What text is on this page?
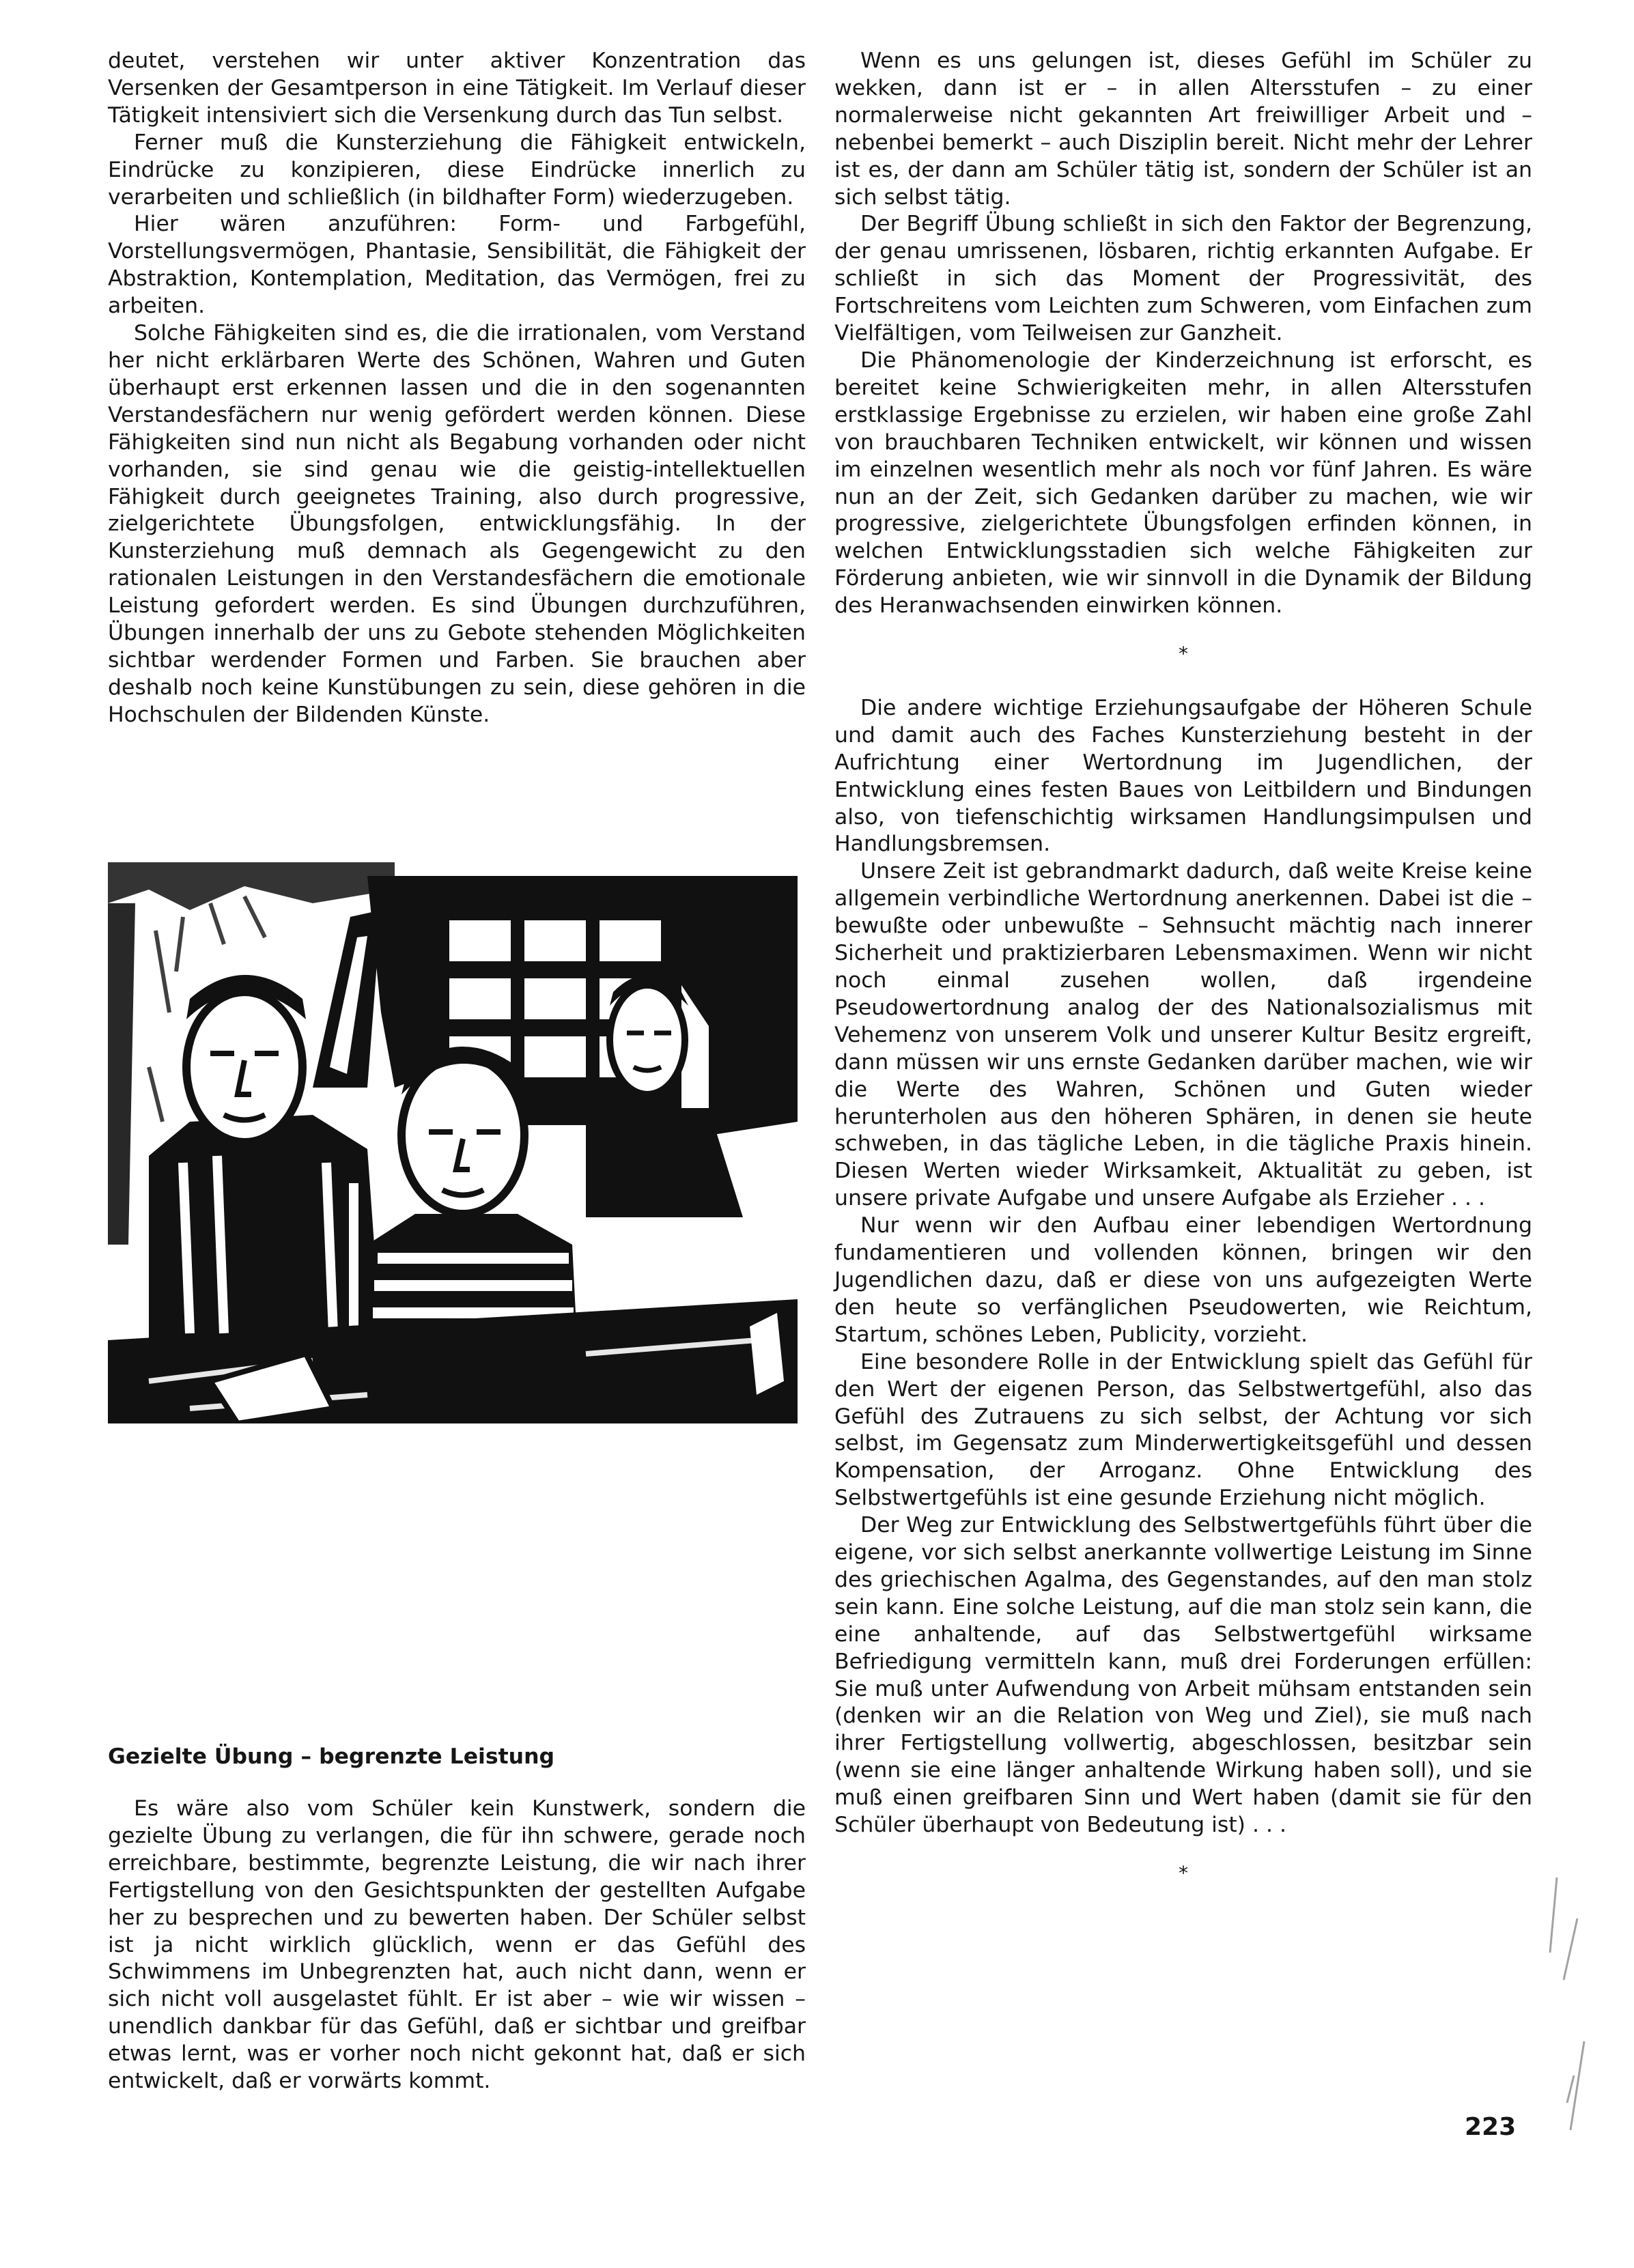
deutet, verstehen wir unter aktiver Konzentration das Versenken der Gesamtperson in eine Tätigkeit. Im Verlauf dieser Tätigkeit intensiviert sich die Versenkung durch das Tun selbst.

Ferner muß die Kunsterziehung die Fähigkeit entwickeln, Eindrücke zu konzipieren, diese Eindrücke innerlich zu verarbeiten und schließlich (in bildhafter Form) wiederzugeben.

Hier wären anzuführen: Form- und Farbgefühl, Vorstellungsvermögen, Phantasie, Sensibilität, die Fähigkeit der Abstraktion, Kontemplation, Meditation, das Vermögen, frei zu arbeiten.

Solche Fähigkeiten sind es, die die irrationalen, vom Verstand her nicht erklärbaren Werte des Schönen, Wahren und Guten überhaupt erst erkennen lassen und die in den sogenannten Verstandesfächern nur wenig gefördert werden können. Diese Fähigkeiten sind nun nicht als Begabung vorhanden oder nicht vorhanden, sie sind genau wie die geistig-intellektuellen Fähigkeit durch geeignetes Training, also durch progressive, zielgerichtete Übungsfolgen, entwicklungsfähig. In der Kunsterziehung muß demnach als Gegengewicht zu den rationalen Leistungen in den Verstandesfächern die emotionale Leistung gefordert werden. Es sind Übungen durchzuführen, Übungen innerhalb der uns zu Gebote stehenden Möglichkeiten sichtbar werdender Formen und Farben. Sie brauchen aber deshalb noch keine Kunstübungen zu sein, diese gehören in die Hochschulen der Bildenden Künste.

Gezielte Übung – begrenzte Leistung

Es wäre also vom Schüler kein Kunstwerk, sondern die gezielte Übung zu verlangen, die für ihn schwere, gerade noch erreichbare, bestimmte, begrenzte Leistung, die wir nach ihrer Fertigstellung von den Gesichtspunkten der gestellten Aufgabe her zu besprechen und zu bewerten haben. Der Schüler selbst ist ja nicht wirklich glücklich, wenn er das Gefühl des Schwimmens im Unbegrenzten hat, auch nicht dann, wenn er sich nicht voll ausgelastet fühlt. Er ist aber – wie wir wissen – unendlich dankbar für das Gefühl, daß er sichtbar und greifbar etwas lernt, was er vorher noch nicht gekonnt hat, daß er sich entwickelt, daß er vorwärts kommt.

Wenn es uns gelungen ist, dieses Gefühl im Schüler zu wekken, dann ist er – in allen Altersstufen – zu einer normalerweise nicht gekannten Art freiwilliger Arbeit und – nebenbei bemerkt – auch Disziplin bereit. Nicht mehr der Lehrer ist es, der dann am Schüler tätig ist, sondern der Schüler ist an sich selbst tätig.

Der Begriff Übung schließt in sich den Faktor der Begrenzung, der genau umrissenen, lösbaren, richtig erkannten Aufgabe. Er schließt in sich das Moment der Progressivität, des Fortschreitens vom Leichten zum Schweren, vom Einfachen zum Vielfältigen, vom Teilweisen zur Ganzheit.

Die Phänomenologie der Kinderzeichnung ist erforscht, es bereitet keine Schwierigkeiten mehr, in allen Altersstufen erstklassige Ergebnisse zu erzielen, wir haben eine große Zahl von brauchbaren Techniken entwickelt, wir können und wissen im einzelnen wesentlich mehr als noch vor fünf Jahren. Es wäre nun an der Zeit, sich Gedanken darüber zu machen, wie wir progressive, zielgerichtete Übungsfolgen erfinden können, in welchen Entwicklungsstadien sich welche Fähigkeiten zur Förderung anbieten, wie wir sinnvoll in die Dynamik der Bildung des Heranwachsenden einwirken können.

*

Die andere wichtige Erziehungsaufgabe der Höheren Schule und damit auch des Faches Kunsterziehung besteht in der Aufrichtung einer Wertordnung im Jugendlichen, der Entwicklung eines festen Baues von Leitbildern und Bindungen also, von tiefenschichtig wirksamen Handlungsimpulsen und Handlungsbremsen.

Unsere Zeit ist gebrandmarkt dadurch, daß weite Kreise keine allgemein verbindliche Wertordnung anerkennen. Dabei ist die – bewußte oder unbewußte – Sehnsucht mächtig nach innerer Sicherheit und praktizierbaren Lebensmaximen. Wenn wir nicht noch einmal zusehen wollen, daß irgendeine Pseudowertordnung analog der des Nationalsozialismus mit Vehemenz von unserem Volk und unserer Kultur Besitz ergreift, dann müssen wir uns ernste Gedanken darüber machen, wie wir die Werte des Wahren, Schönen und Guten wieder herunterholen aus den höheren Sphären, in denen sie heute schweben, in das tägliche Leben, in die tägliche Praxis hinein. Diesen Werten wieder Wirksamkeit, Aktualität zu geben, ist unsere private Aufgabe und unsere Aufgabe als Erzieher . . .

Nur wenn wir den Aufbau einer lebendigen Wertordnung fundamentieren und vollenden können, bringen wir den Jugendlichen dazu, daß er diese von uns aufgezeigten Werte den heute so verfänglichen Pseudowerten, wie Reichtum, Startum, schönes Leben, Publicity, vorzieht.

Eine besondere Rolle in der Entwicklung spielt das Gefühl für den Wert der eigenen Person, das Selbstwertgefühl, also das Gefühl des Zutrauens zu sich selbst, der Achtung vor sich selbst, im Gegensatz zum Minderwertigkeitsgefühl und dessen Kompensation, der Arroganz. Ohne Entwicklung des Selbstwertgefühls ist eine gesunde Erziehung nicht möglich.

Der Weg zur Entwicklung des Selbstwertgefühls führt über die eigene, vor sich selbst anerkannte vollwertige Leistung im Sinne des griechischen Agalma, des Gegenstandes, auf den man stolz sein kann. Eine solche Leistung, auf die man stolz sein kann, die eine anhaltende, auf das Selbstwertgefühl wirksame Befriedigung vermitteln kann, muß drei Forderungen erfüllen: Sie muß unter Aufwendung von Arbeit mühsam entstanden sein (denken wir an die Relation von Weg und Ziel), sie muß nach ihrer Fertigstellung vollwertig, abgeschlossen, besitzbar sein (wenn sie eine länger anhaltende Wirkung haben soll), und sie muß einen greifbaren Sinn und Wert haben (damit sie für den Schüler überhaupt von Bedeutung ist) . . .

*

223
